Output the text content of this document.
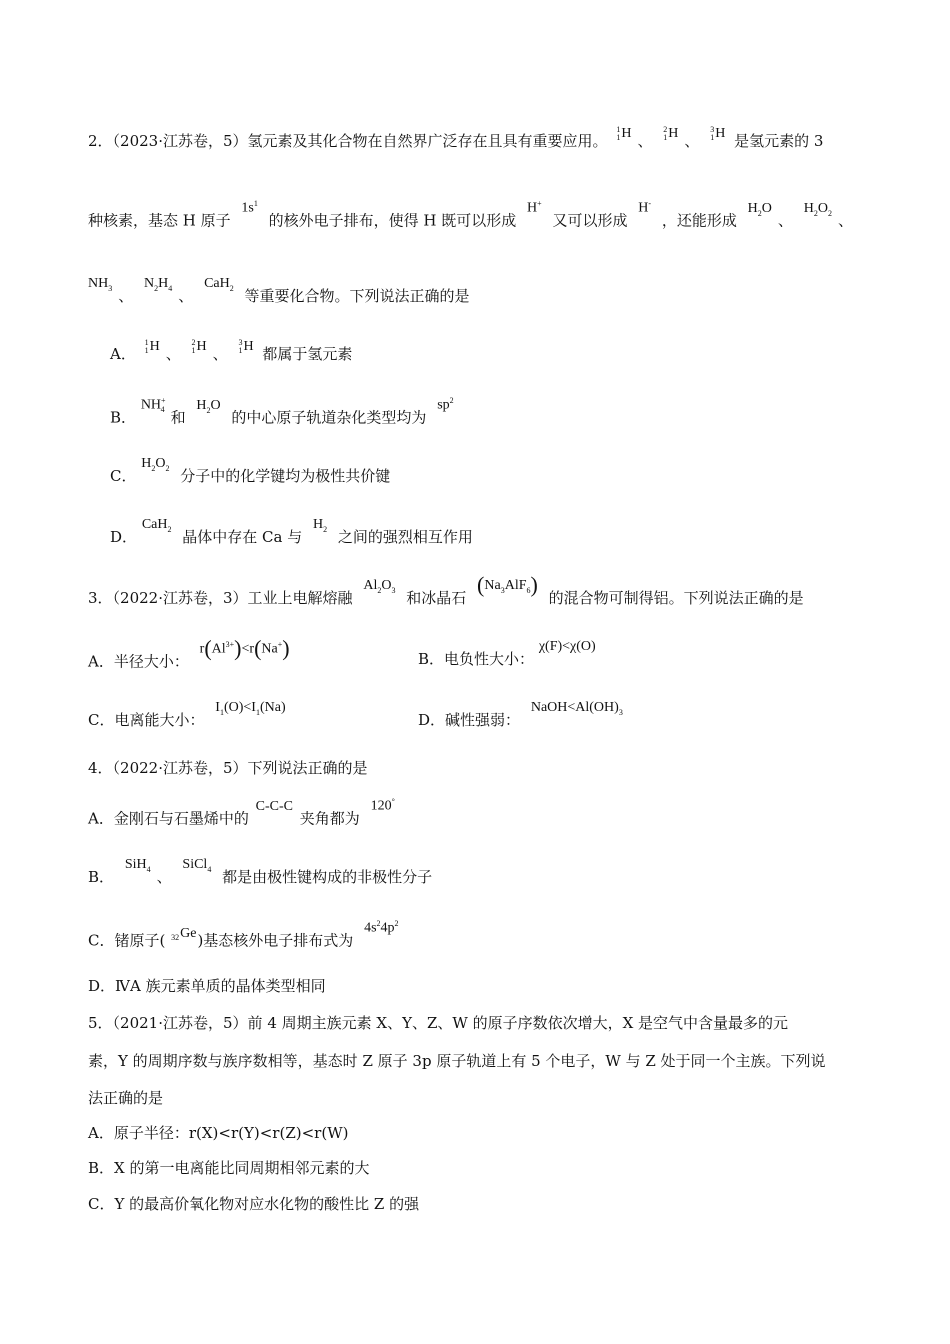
2．（2023·江苏卷，5）氢元素及其化合物在自然界广泛存在且具有重要应用。
1
1 H 、
2
1 H 、
3
1 H 是氢元素的 3
种核素，基态 H 原子 $1s^1$ 的核外电子排布，使得 H 既可以形成 H+ 又可以形成 H- ，还能形成 $H_2O$、 $H_2O_2$ 、
$NH_3$ 、 $N_2H_4$ 、 CaH$_2$ 等重要化合物。下列说法正确的是
A．
1
1 H 、
2
1 H 、
3
1 H 都属于氢元素
B． $NH^+_4$ 和 $H_2O$ 的中心原子轨道杂化类型均为 $sp^2$
C． $H_2O_2$ 分子中的化学键均为极性共价键
D． CaH$_2$ 晶体中存在 Ca 与 $H_2$ 之间的强烈相互作用
3．（2022·江苏卷，3）工业上电解熔融 $Al_2O_3$ 和冰晶石 $(Na_3AlF_6)$ 的混合物可制得铝。下列说法正确的是
A．半径大小： $r(Al^{3+})<r(Na^+)$	B．电负性大小： χ(F)<χ(O)
C．电离能大小： $I_1(O)<I_1(Na)$
D．碱性强弱： $NaOH<Al(OH)_3$
4．（2022·江苏卷，5）下列说法正确的是
A．金刚石与石墨烯中的 C-C-C 夹角都为 120°
B． SiH$_4$ 、 SiCl$_4$ 都是由极性键构成的非极性分子
C．锗原子(
32 Ge )基态核外电子排布式为 $4s^24p^2$
D．ⅣA 族元素单质的晶体类型相同
5．（2021·江苏卷，5）前 4 周期主族元素 X、Y、Z、W 的原子序数依次增大，X 是空气中含量最多的元
素，Y 的周期序数与族序数相等，基态时 Z 原子 3p 原子轨道上有 5 个电子，W 与 Z 处于同一个主族。下列说
法正确的是
A．原子半径：r(X)<r(Y)<r(Z)<r(W)
B．X 的第一电离能比同周期相邻元素的大
C．Y 的最高价氧化物对应水化物的酸性比 Z 的强
